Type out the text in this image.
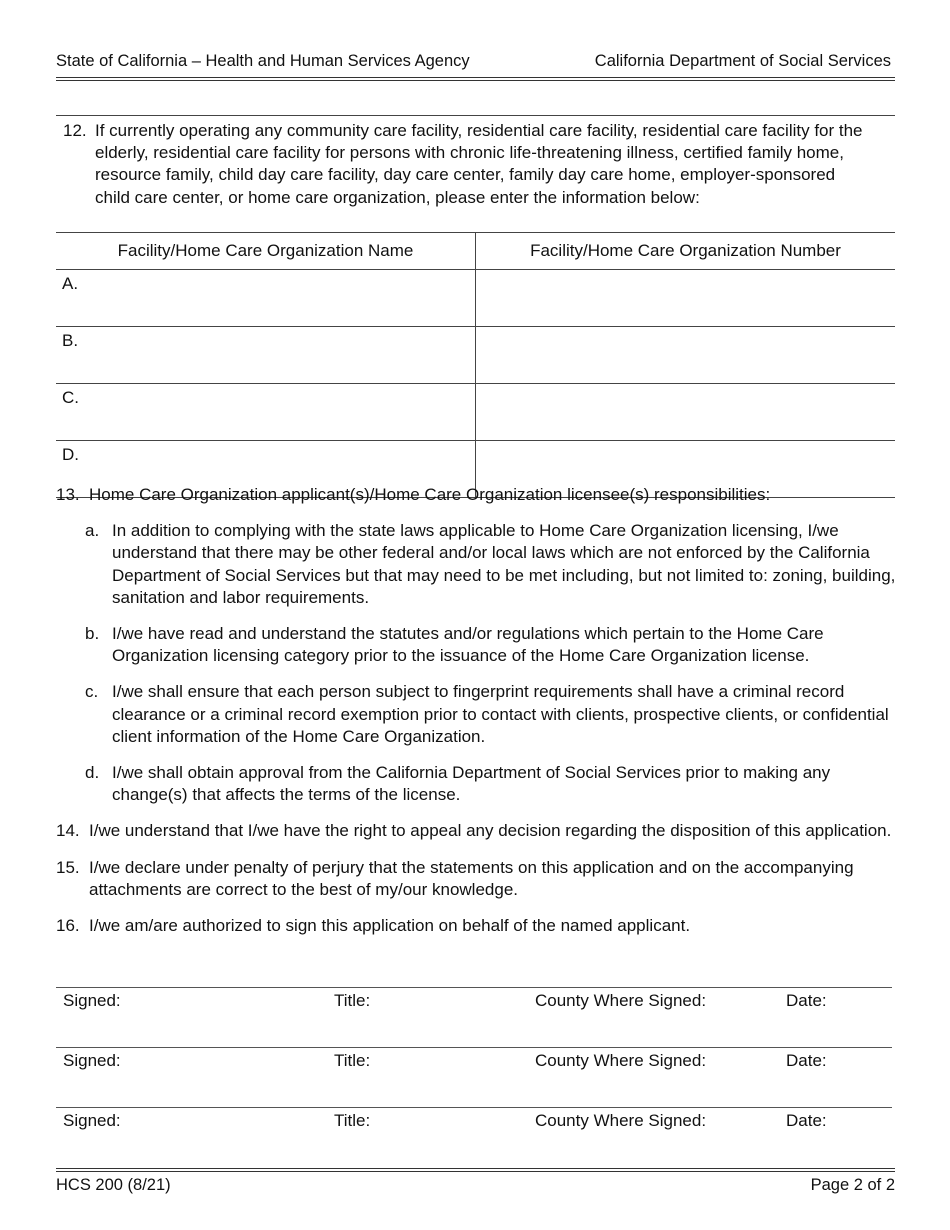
State of California – Health and Human Services Agency	California Department of Social Services
12. If currently operating any community care facility, residential care facility, residential care facility for the elderly, residential care facility for persons with chronic life-threatening illness, certified family home, resource family, child day care facility, day care center, family day care home, employer-sponsored child care center, or home care organization, please enter the information below:
Facility/Home Care Organization Name	Facility/Home Care Organization Number
A.	
B.	
C.	
D.	
13. Home Care Organization applicant(s)/Home Care Organization licensee(s) responsibilities:
a. In addition to complying with the state laws applicable to Home Care Organization licensing, I/we understand that there may be other federal and/or local laws which are not enforced by the California Department of Social Services but that may need to be met including, but not limited to: zoning, building, sanitation and labor requirements.
b. I/we have read and understand the statutes and/or regulations which pertain to the Home Care Organization licensing category prior to the issuance of the Home Care Organization license.
c. I/we shall ensure that each person subject to fingerprint requirements shall have a criminal record clearance or a criminal record exemption prior to contact with clients, prospective clients, or confidential client information of the Home Care Organization.
d. I/we shall obtain approval from the California Department of Social Services prior to making any change(s) that affects the terms of the license.
14. I/we understand that I/we have the right to appeal any decision regarding the disposition of this application.
15. I/we declare under penalty of perjury that the statements on this application and on the accompanying attachments are correct to the best of my/our knowledge.
16. I/we am/are authorized to sign this application on behalf of the named applicant.
Signed:	Title:	County Where Signed:	Date:
Signed:	Title:	County Where Signed:	Date:
Signed:	Title:	County Where Signed:	Date:
HCS 200 (8/21)	Page 2 of 2
